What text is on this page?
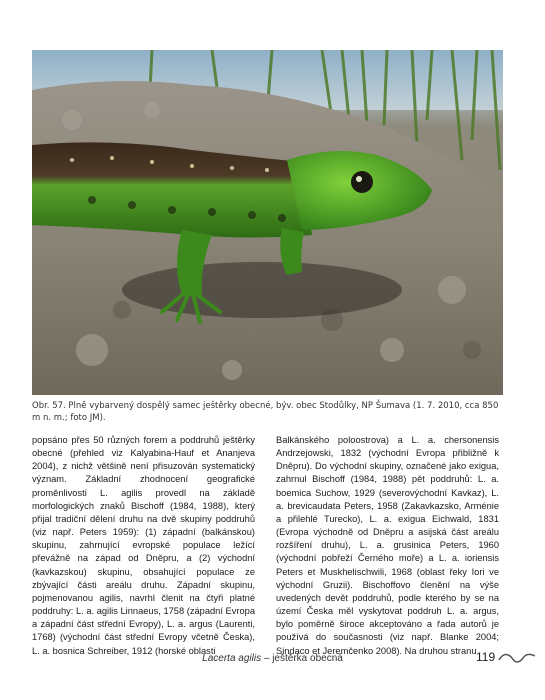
Obr. 57. Plně vybarvený dospělý samec ještěrky obecné, býv. obec Stodůlky, NP Šumava (1. 7. 2010, cca 850 m n. m.; foto JM).

popsáno přes 50 různých forem a poddruhů ještěrky obecné (přehled viz Kalyabina-Hauf et Ananjeva 2004), z nichž většině není přisuzován systematický význam. Základní zhodnocení geografické proměnlivosti L. agilis provedl na základě morfologických znaků Bischoff (1984, 1988), který přijal tradiční dělení druhu na dvě skupiny poddruhů (viz např. Peters 1959): (1) západní (balkánskou) skupinu, zahrnující evropské populace ležící převážně na západ od Dněpru, a (2) východní (kavkazskou) skupinu, obsahující populace ze zbývající části areálu druhu. Západní skupinu, pojmenovanou agilis, navrhl členit na čtyři platné poddruhy: L. a. agilis Linnaeus, 1758 (západní Evropa a západní část střední Evropy), L. a. argus (Laurenti, 1768) (východní část střední Evropy včetně Česka), L. a. bosnica Schreiber, 1912 (horské oblasti

Balkánského poloostrova) a L. a. chersonensis Andrzejowski, 1832 (východní Evropa přibližně k Dněpru). Do východní skupiny, označené jako exigua, zahrnul Bischoff (1984, 1988) pět poddruhů: L. a. boemica Suchow, 1929 (severovýchodní Kavkaz), L. a. brevicaudata Peters, 1958 (Zakavkazsko, Arménie a přilehlé Turecko), L. a. exigua Eichwald, 1831 (Evropa východně od Dněpru a asijská část areálu rozšíření druhu), L. a. grusinica Peters, 1960 (východní pobřeží Černého moře) a L. a. ioriensis Peters et Muskhelischwili, 1968 (oblast řeky Iori ve východní Gruzii). Bischoffovo členění na výše uvedených devět poddruhů, podle kterého by se na území Česka měl vyskytovat poddruh L. a. argus, bylo poměrně široce akceptováno a řada autorů je používá do současnosti (viz např. Blanke 2004; Sindaco et Jeremčenko 2008). Na druhou stranu

Lacerta agilis – ještěrka obecná	119
